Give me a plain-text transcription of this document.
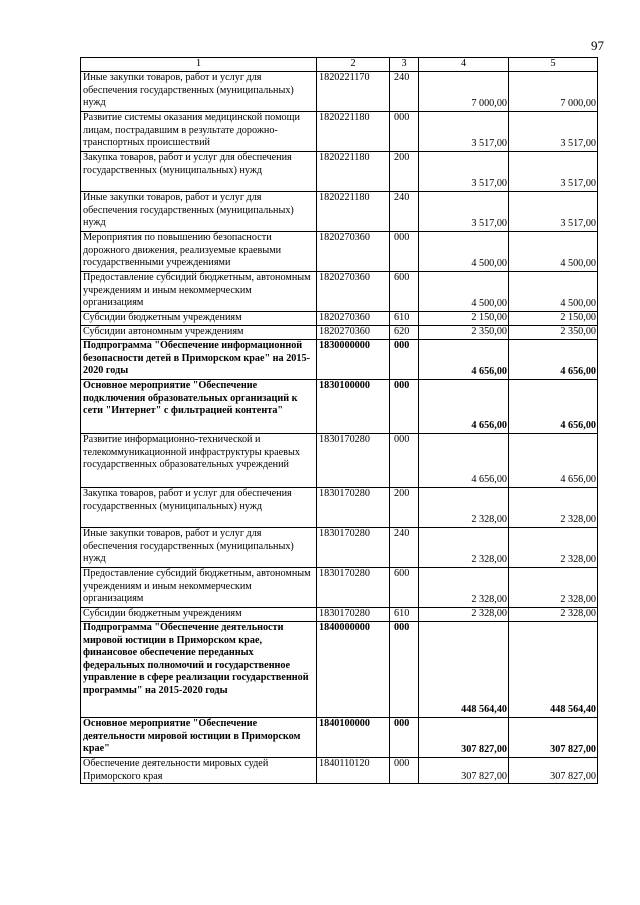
97
1	2	3	4	5
Иные закупки товаров, работ и услуг для обеспечения государственных (муниципальных) нужд	1820221170	240	7 000,00	7 000,00
Развитие системы оказания медицинской помощи лицам, пострадавшим в результате дорожно-транспортных происшествий	1820221180	000	3 517,00	3 517,00
Закупка товаров, работ и услуг для обеспечения государственных (муниципальных) нужд	1820221180	200	3 517,00	3 517,00
Иные закупки товаров, работ и услуг для обеспечения государственных (муниципальных) нужд	1820221180	240	3 517,00	3 517,00
Мероприятия по повышению безопасности дорожного движения, реализуемые краевыми государственными учреждениями	1820270360	000	4 500,00	4 500,00
Предоставление субсидий бюджетным, автономным учреждениям и иным некоммерческим организациям	1820270360	600	4 500,00	4 500,00
Субсидии бюджетным учреждениям	1820270360	610	2 150,00	2 150,00
Субсидии автономным учреждениям	1820270360	620	2 350,00	2 350,00
Подпрограмма "Обеспечение информационной безопасности детей в Приморском крае" на 2015-2020 годы	1830000000	000	4 656,00	4 656,00
Основное мероприятие "Обеспечение подключения образовательных организаций к сети "Интернет" с фильтрацией контента"	1830100000	000	4 656,00	4 656,00
Развитие информационно-технической и телекоммуникационной инфраструктуры краевых государственных образовательных учреждений	1830170280	000	4 656,00	4 656,00
Закупка товаров, работ и услуг для обеспечения государственных (муниципальных) нужд	1830170280	200	2 328,00	2 328,00
Иные закупки товаров, работ и услуг для обеспечения государственных (муниципальных) нужд	1830170280	240	2 328,00	2 328,00
Предоставление субсидий бюджетным, автономным учреждениям и иным некоммерческим организациям	1830170280	600	2 328,00	2 328,00
Субсидии бюджетным учреждениям	1830170280	610	2 328,00	2 328,00
Подпрограмма "Обеспечение деятельности мировой юстиции в Приморском крае, финансовое обеспечение переданных федеральных полномочий и государственное управление в сфере реализации государственной программы" на 2015-2020 годы	1840000000	000	448 564,40	448 564,40
Основное мероприятие "Обеспечение деятельности мировой юстиции в Приморском крае"	1840100000	000	307 827,00	307 827,00
Обеспечение деятельности мировых судей Приморского края	1840110120	000	307 827,00	307 827,00
